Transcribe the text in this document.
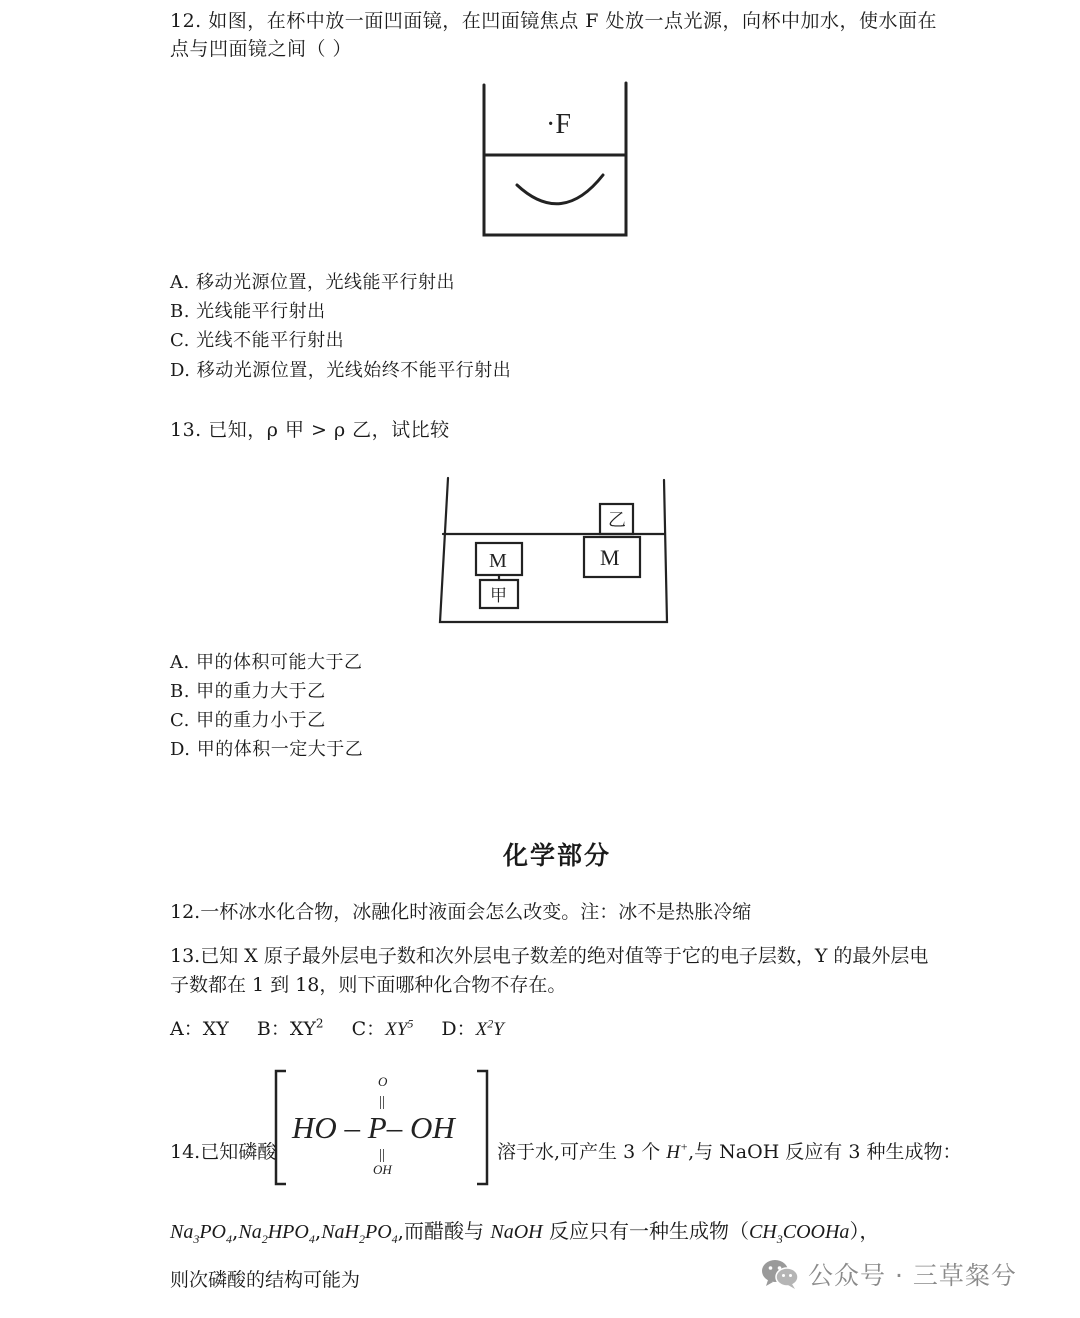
12. 如图，在杯中放一面凹面镜，在凹面镜焦点 F 处放一点光源，向杯中加水，使水面在
点与凹面镜之间（ ）
·F
A. 移动光源位置，光线能平行射出
B. 光线能平行射出
C. 光线不能平行射出
D. 移动光源位置，光线始终不能平行射出
13. 已知，ρ 甲 > ρ 乙，试比较
M
甲
M
乙
A. 甲的体积可能大于乙
B. 甲的重力大于乙
C. 甲的重力小于乙
D. 甲的体积一定大于乙
化学部分
12.一杯冰水化合物，冰融化时液面会怎么改变。注：冰不是热胀冷缩
13.已知 X 原子最外层电子数和次外层电子数差的绝对值等于它的电子层数，Y 的最外层电
子数都在 1 到 18，则下面哪种化合物不存在。
A：XY B：$XY^2$ C：$XY^5$ D：$X^2Y$
14.已知磷酸
O
||
HO – P– OH
||
OH
溶于水,可产生 3 个 H+,与 NaOH 反应有 3 种生成物：
$Na_3PO_4,Na_2HPO_4,NaH_2PO_4$,而醋酸与 NaOH 反应只有一种生成物$(CH_3COOHa)$，
则次磷酸的结构可能为	公众号 · 三草粲兮
